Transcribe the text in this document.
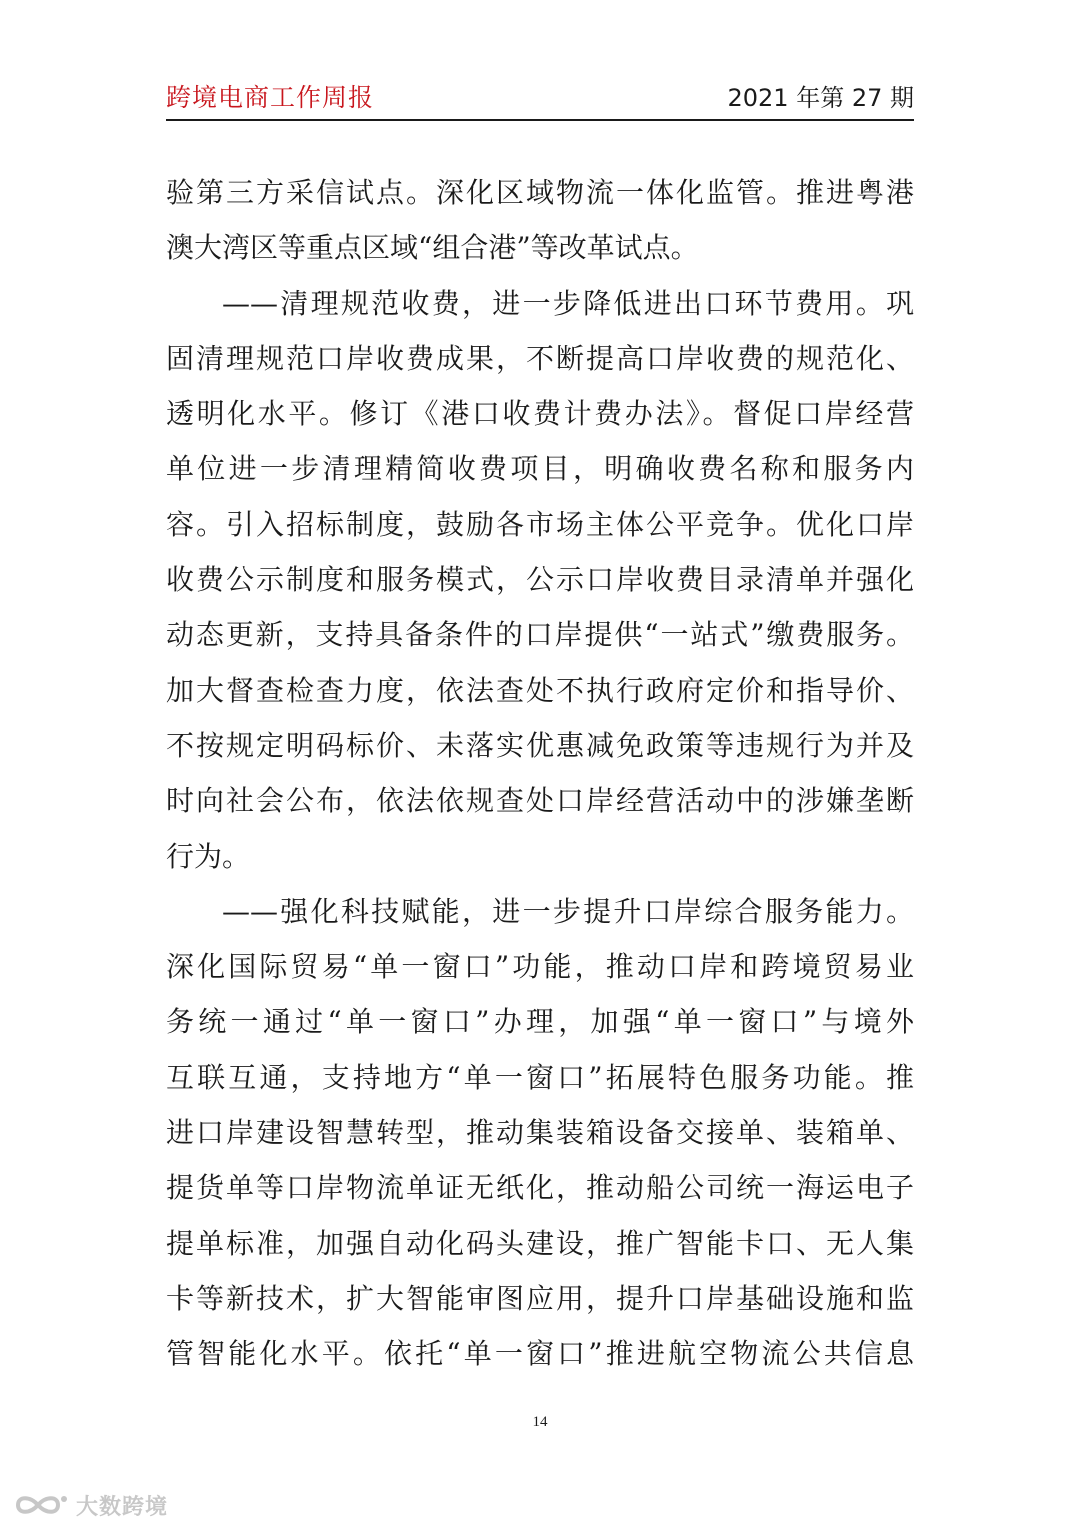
跨境电商工作周报	2021 年第 27 期
验第三方采信试点。深化区域物流一体化监管。推进粤港
澳大湾区等重点区域“组合港”等改革试点。
——清理规范收费，进一步降低进出口环节费用。巩
固清理规范口岸收费成果，不断提高口岸收费的规范化、
透明化水平。修订《港口收费计费办法》。督促口岸经营
单位进一步清理精简收费项目，明确收费名称和服务内
容。引入招标制度，鼓励各市场主体公平竞争。优化口岸
收费公示制度和服务模式，公示口岸收费目录清单并强化
动态更新，支持具备条件的口岸提供“一站式”缴费服务。
加大督查检查力度，依法查处不执行政府定价和指导价、
不按规定明码标价、未落实优惠减免政策等违规行为并及
时向社会公布，依法依规查处口岸经营活动中的涉嫌垄断
行为。
——强化科技赋能，进一步提升口岸综合服务能力。
深化国际贸易“单一窗口”功能，推动口岸和跨境贸易业
务统一通过“单一窗口”办理，加强“单一窗口”与境外
互联互通，支持地方“单一窗口”拓展特色服务功能。推
进口岸建设智慧转型，推动集装箱设备交接单、装箱单、
提货单等口岸物流单证无纸化，推动船公司统一海运电子
提单标准，加强自动化码头建设，推广智能卡口、无人集
卡等新技术，扩大智能审图应用，提升口岸基础设施和监
管智能化水平。依托“单一窗口”推进航空物流公共信息
14
大数跨境
